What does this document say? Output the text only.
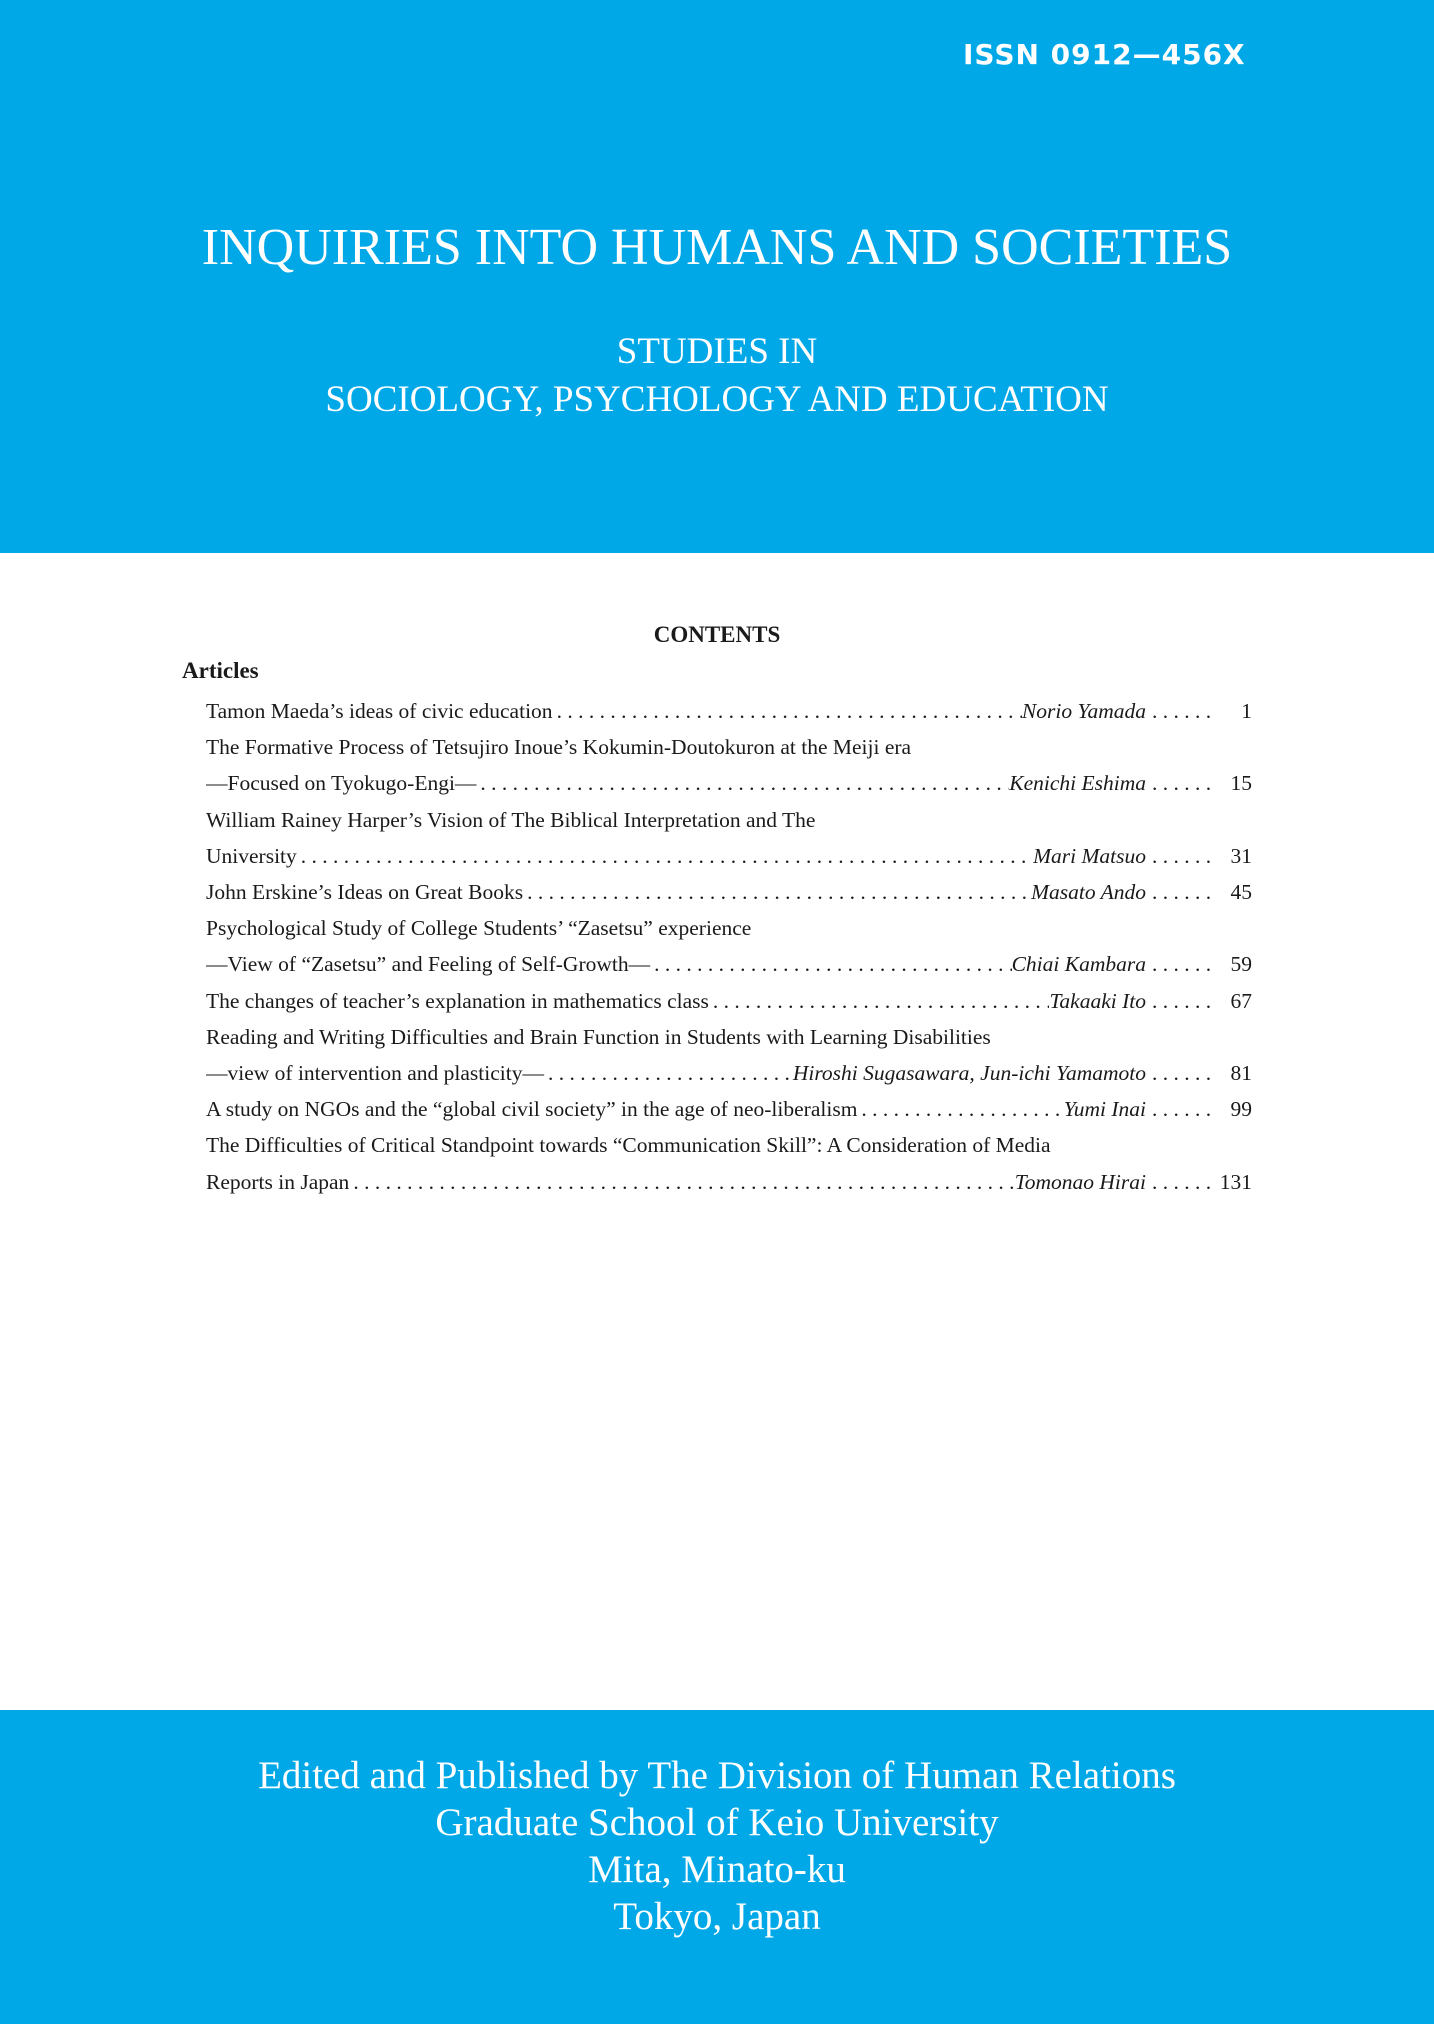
ISSN 0912—456X
INQUIRIES INTO HUMANS AND SOCIETIES
STUDIES IN
SOCIOLOGY, PSYCHOLOGY AND EDUCATION
CONTENTS
Articles
Tamon Maeda’s ideas of civic education . . .	Norio Yamada . . .	1
The Formative Process of Tetsujiro Inoue’s Kokumin-Doutokuron at the Meiji era
—Focused on Tyokugo-Engi— . . .	Kenichi Eshima . . .	15
William Rainey Harper’s Vision of The Biblical Interpretation and The
University . . .	Mari Matsuo . . .	31
John Erskine’s Ideas on Great Books . . .	Masato Ando . . .	45
Psychological Study of College Students’ “Zasetsu” experience
—View of “Zasetsu” and Feeling of Self-Growth— . . .	Chiai Kambara . . .	59
The changes of teacher’s explanation in mathematics class . . .	Takaaki Ito . . .	67
Reading and Writing Difficulties and Brain Function in Students with Learning Disabilities
—view of intervention and plasticity— . . .	Hiroshi Sugasawara, Jun-ichi Yamamoto . . .	81
A study on NGOs and the “global civil society” in the age of neo-liberalism . . .	Yumi Inai . . .	99
The Difficulties of Critical Standpoint towards “Communication Skill”: A Consideration of Media
Reports in Japan . . .	Tomonao Hirai . . .	131
Edited and Published by The Division of Human Relations
Graduate School of Keio University
Mita, Minato-ku
Tokyo, Japan
